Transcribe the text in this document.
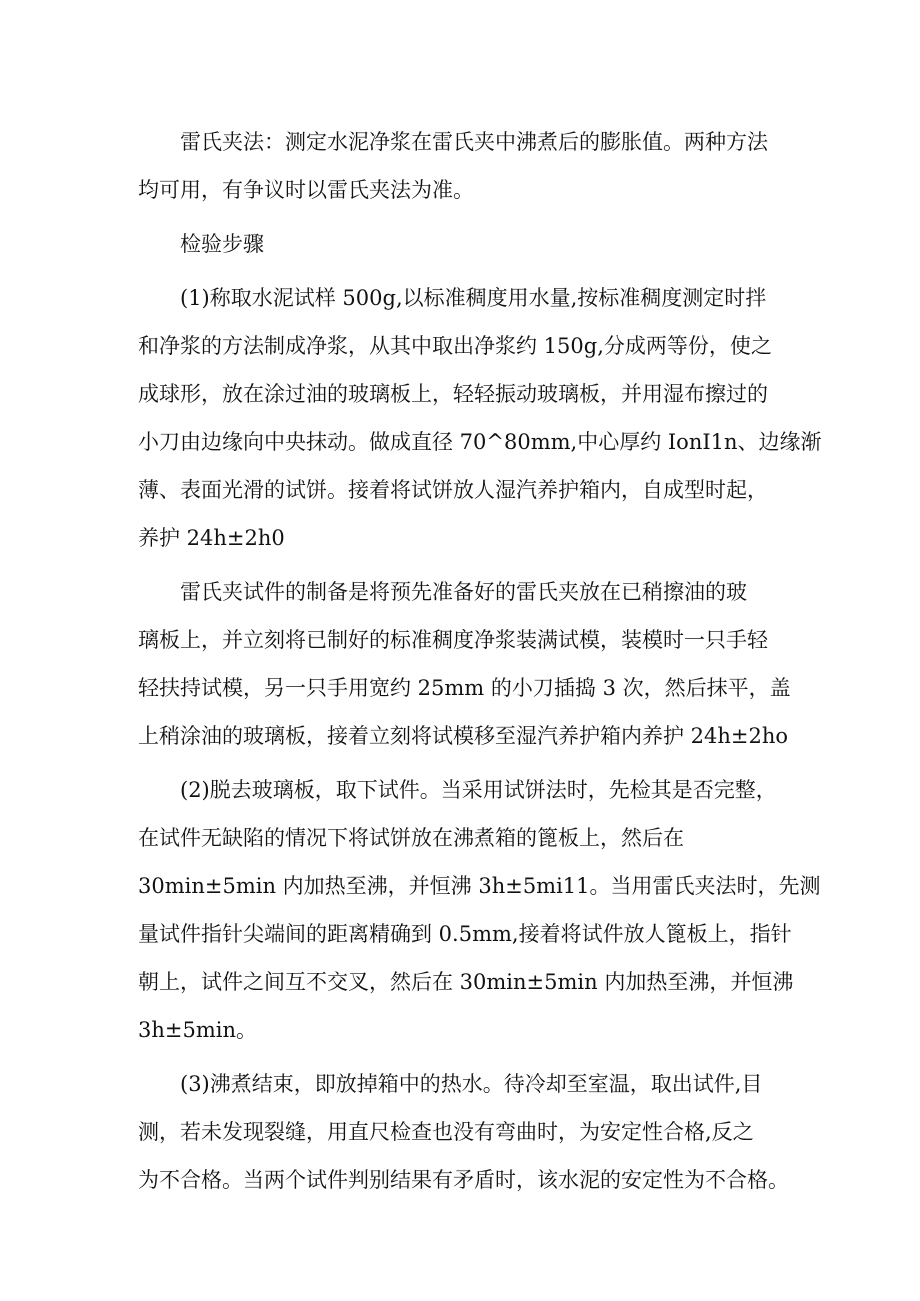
雷氏夹法：测定水泥净浆在雷氏夹中沸煮后的膨胀值。两种方法
均可用，有争议时以雷氏夹法为准。

检验步骤

(1)称取水泥试样 500g,以标准稠度用水量,按标准稠度测定时拌
和净浆的方法制成净浆，从其中取出净浆约 150g,分成两等份，使之
成球形，放在涂过油的玻璃板上，轻轻振动玻璃板，并用湿布擦过的
小刀由边缘向中央抹动。做成直径 70^80mm,中心厚约 IonI1n、边缘渐
薄、表面光滑的试饼。接着将试饼放人湿汽养护箱内，自成型时起，
养护 24h±2h0

雷氏夹试件的制备是将预先准备好的雷氏夹放在已稍擦油的玻
璃板上，并立刻将已制好的标准稠度净浆装满试模，装模时一只手轻
轻扶持试模，另一只手用宽约 25mm 的小刀插捣 3 次，然后抹平，盖
上稍涂油的玻璃板，接着立刻将试模移至湿汽养护箱内养护 24h±2ho

(2)脱去玻璃板，取下试件。当采用试饼法时，先检其是否完整，
在试件无缺陷的情况下将试饼放在沸煮箱的篦板上，然后在
30min±5min 内加热至沸，并恒沸 3h±5mi11。当用雷氏夹法时，先测
量试件指针尖端间的距离精确到 0.5mm,接着将试件放人篦板上，指针
朝上，试件之间互不交叉，然后在 30min±5min 内加热至沸，并恒沸
3h±5min。

(3)沸煮结束，即放掉箱中的热水。待冷却至室温，取出试件,目
测，若未发现裂缝，用直尺检查也没有弯曲时，为安定性合格,反之
为不合格。当两个试件判别结果有矛盾时，该水泥的安定性为不合格。
